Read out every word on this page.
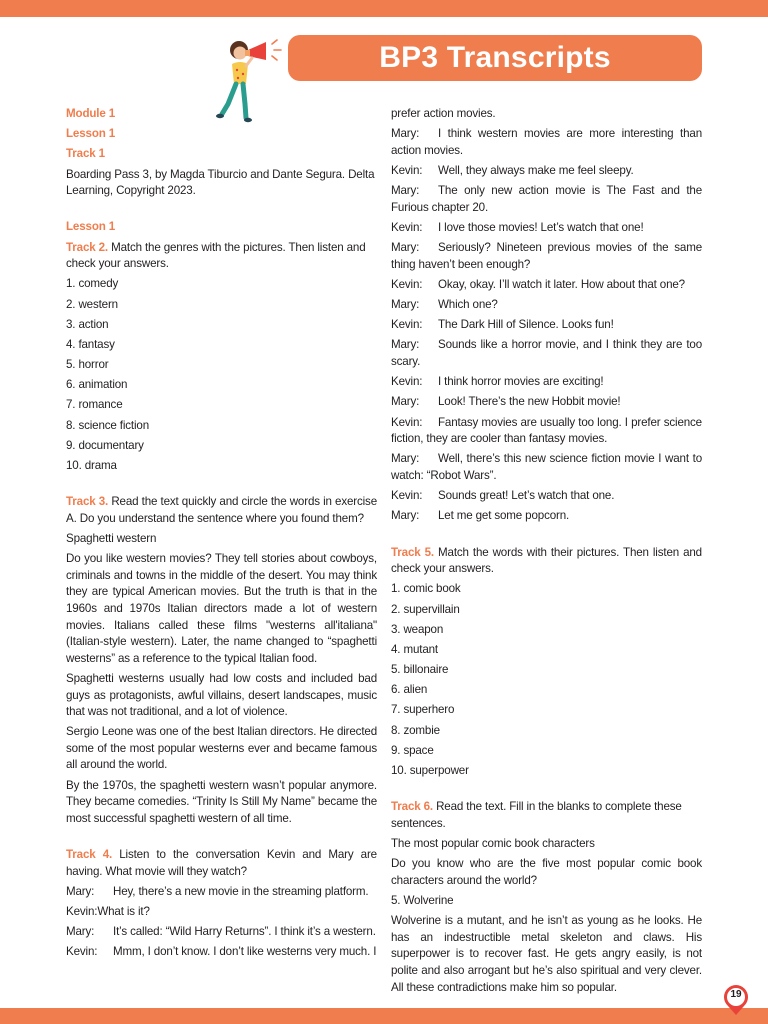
BP3 Transcripts

Module 1

Lesson 1

Track 1

Boarding Pass 3, by Magda Tiburcio and Dante Segura. Delta Learning, Copyright 2023.

Lesson 1

Track 2. Match the genres with the pictures. Then listen and check your answers.

1. comedy

2. western

3. action

4. fantasy

5. horror

6. animation

7. romance

8. science fiction

9. documentary

10. drama

Track 3. Read the text quickly and circle the words in exercise A. Do you understand the sentence where you found them?

Spaghetti western

Do you like western movies? They tell stories about cowboys, criminals and towns in the middle of the desert. You may think they are typical American movies. But the truth is that in the 1960s and 1970s Italian directors made a lot of western movies. Italians called these films "westerns all'italiana" (Italian-style western). Later, the name changed to “spaghetti westerns” as a reference to the typical Italian food.

Spaghetti westerns usually had low costs and included bad guys as protagonists, awful villains, desert landscapes, music that was not traditional, and a lot of violence.

Sergio Leone was one of the best Italian directors. He directed some of the most popular westerns ever and became famous all around the world.

By the 1970s, the spaghetti western wasn’t popular anymore. They became comedies. “Trinity Is Still My Name” became the most successful spaghetti western of all time.

Track 4. Listen to the conversation Kevin and Mary are having. What movie will they watch?

Mary:	Hey, there’s a new movie in the streaming platform.
Kevin: What is it?
Mary:	It’s called: “Wild Harry Returns”. I think it’s a western.
Kevin:	Mmm, I don’t know. I don’t like westerns very much. I

prefer action movies.

Mary: I think western movies are more interesting than action movies.

Kevin: Well, they always make me feel sleepy.

Mary: The only new action movie is The Fast and the Furious chapter 20.

Kevin: I love those movies! Let’s watch that one!

Mary: Seriously? Nineteen previous movies of the same thing haven’t been enough?

Kevin: Okay, okay. I’ll watch it later. How about that one?

Mary: Which one?

Kevin: The Dark Hill of Silence. Looks fun!

Mary: Sounds like a horror movie, and I think they are too scary.

Kevin: I think horror movies are exciting!

Mary: Look! There’s the new Hobbit movie!

Kevin: Fantasy movies are usually too long. I prefer science fiction, they are cooler than fantasy movies.

Mary: Well, there’s this new science fiction movie I want to watch: “Robot Wars”.

Kevin: Sounds great! Let’s watch that one.

Mary: Let me get some popcorn.

Track 5. Match the words with their pictures. Then listen and check your answers.

1. comic book

2. supervillain

3. weapon

4. mutant

5. billonaire

6. alien

7. superhero

8. zombie

9. space

10. superpower

Track 6. Read the text. Fill in the blanks to complete these sentences.

The most popular comic book characters

Do you know who are the five most popular comic book characters around the world?

5. Wolverine

Wolverine is a mutant, and he isn’t as young as he looks. He has an indestructible metal skeleton and claws. His superpower is to recover fast. He gets angry easily, is not polite and also arrogant but he’s also spiritual and very clever. All these contradictions make him so popular.

19
